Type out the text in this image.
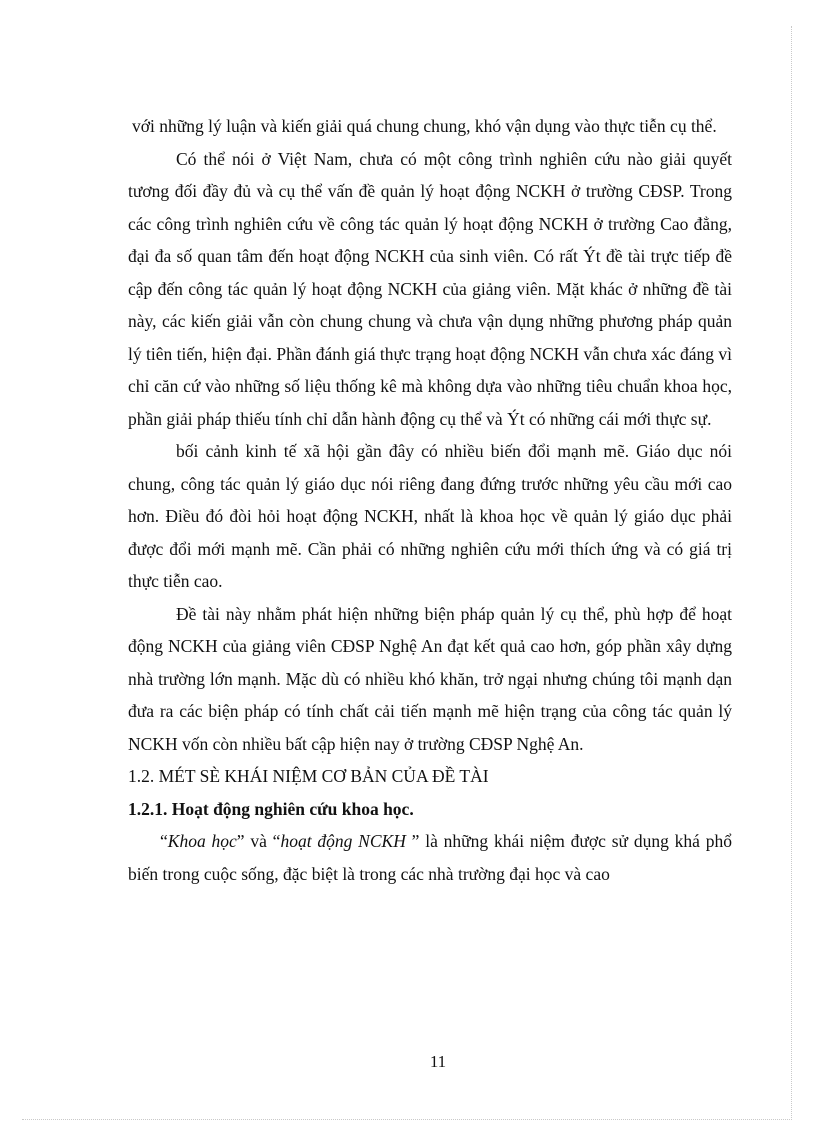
với những lý luận và kiến giải quá chung chung, khó vận dụng vào thực tiễn cụ thể.

Có thể nói ở Việt Nam, chưa có một công trình nghiên cứu nào giải quyết tương đối đầy đủ và cụ thể vấn đề quản lý hoạt động NCKH ở trường CĐSP. Trong các công trình nghiên cứu về công tác quản lý hoạt động NCKH ở trường Cao đẳng, đại đa số quan tâm đến hoạt động NCKH của sinh viên. Có rất Ýt đề tài trực tiếp đề cập đến công tác quản lý hoạt động NCKH của giảng viên. Mặt khác ở những đề tài này, các kiến giải vẫn còn chung chung và chưa vận dụng những phương pháp quản lý tiên tiến, hiện đại. Phần đánh giá thực trạng hoạt động NCKH vẫn chưa xác đáng vì chỉ căn cứ vào những số liệu thống kê mà không dựa vào những tiêu chuẩn khoa học, phần giải pháp thiếu tính chỉ dẫn hành động cụ thể và Ýt có những cái mới thực sự.

bối cảnh kinh tế xã hội gần đây có nhiều biến đổi mạnh mẽ. Giáo dục nói chung, công tác quản lý giáo dục nói riêng đang đứng trước những yêu cầu mới cao hơn. Điều đó đòi hỏi hoạt động NCKH, nhất là khoa học về quản lý giáo dục phải được đổi mới mạnh mẽ. Cần phải có những nghiên cứu mới thích ứng và có giá trị thực tiễn cao.

Đề tài này nhằm phát hiện những biện pháp quản lý cụ thể, phù hợp để hoạt động NCKH của giảng viên CĐSP Nghệ An đạt kết quả cao hơn, góp phần xây dựng nhà trường lớn mạnh. Mặc dù có nhiều khó khăn, trở ngại nhưng chúng tôi mạnh dạn đưa ra các biện pháp có tính chất cải tiến mạnh mẽ hiện trạng của công tác quản lý NCKH vốn còn nhiều bất cập hiện nay ở trường CĐSP Nghệ An.

1.2. MÉT SÈ KHÁI NIỆM CƠ BẢN CỦA ĐỀ TÀI

1.2.1. Hoạt động nghiên cứu khoa học.

“Khoa học” và “hoạt động NCKH ” là những khái niệm được sử dụng khá phổ biến trong cuộc sống, đặc biệt là trong các nhà trường đại học và cao

11
